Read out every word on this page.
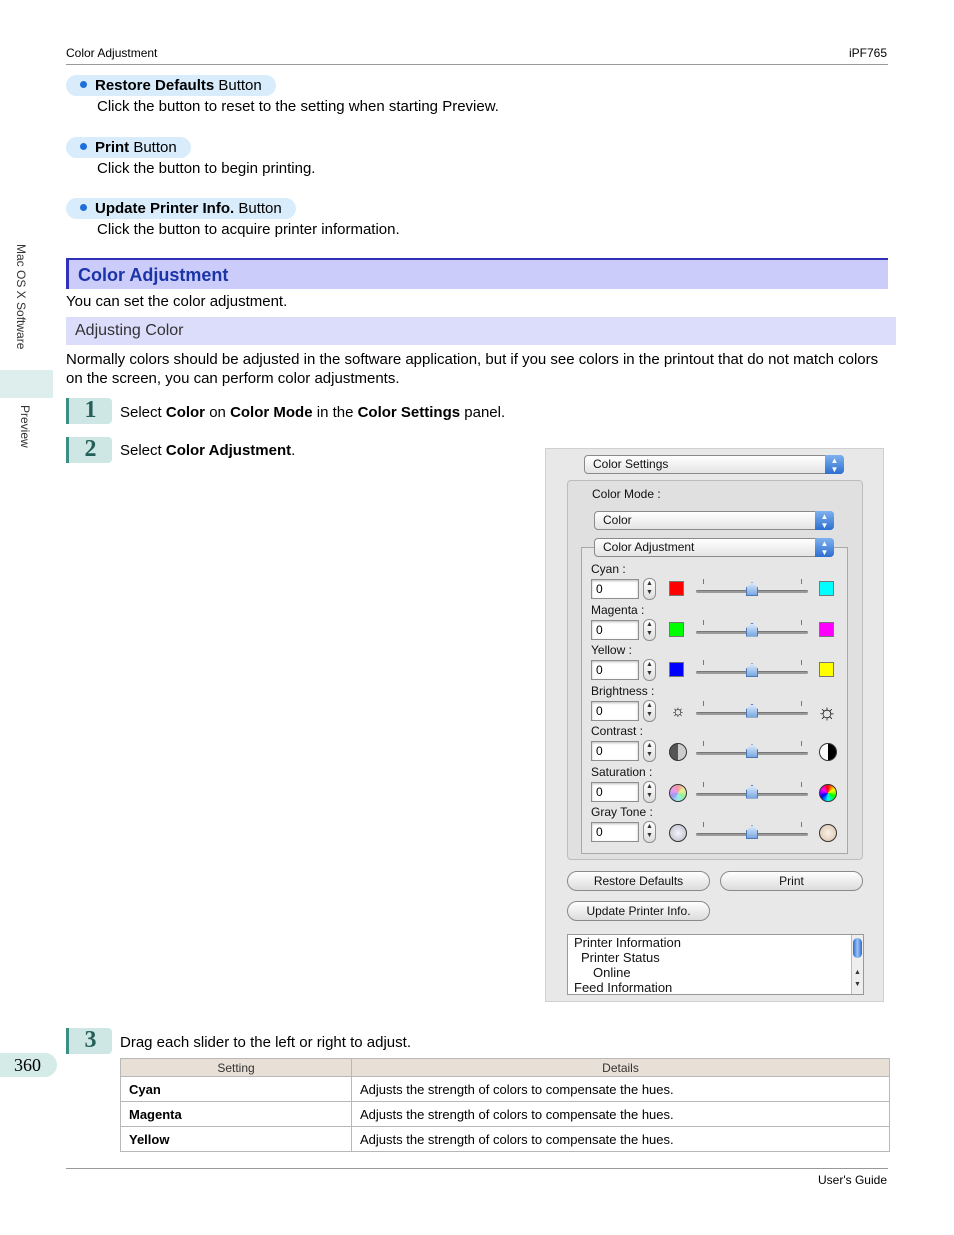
Color Adjustment	iPF765
Mac OS X Software
Preview
Restore Defaults Button
Click the button to reset to the setting when starting Preview.
Print Button
Click the button to begin printing.
Update Printer Info. Button
Click the button to acquire printer information.
Color Adjustment
You can set the color adjustment.
Adjusting Color
Normally colors should be adjusted in the software application, but if you see colors in the printout that do not match colors on the screen, you can perform color adjustments.
1	Select Color on Color Mode in the Color Settings panel.
2	Select Color Adjustment.
Color Settings	▲
▼
Color Mode :
Color	▲
▼
Color Adjustment	▲
▼
Cyan :
0	▲
▼
Magenta :
0	▲
▼
Yellow :
0	▲
▼
Brightness :
0	▲
▼ ☼	☼
Contrast :
0	▲
▼
Saturation :
0	▲
▼
Gray Tone :
0	▲
▼
Restore Defaults	Print
Update Printer Info.
Printer Information
Printer Status
Online
Feed Information
▲
▼
3	Drag each slider to the left or right to adjust.
Setting	Details
Cyan	Adjusts the strength of colors to compensate the hues.
Magenta	Adjusts the strength of colors to compensate the hues.
Yellow	Adjusts the strength of colors to compensate the hues.
360
User's Guide
